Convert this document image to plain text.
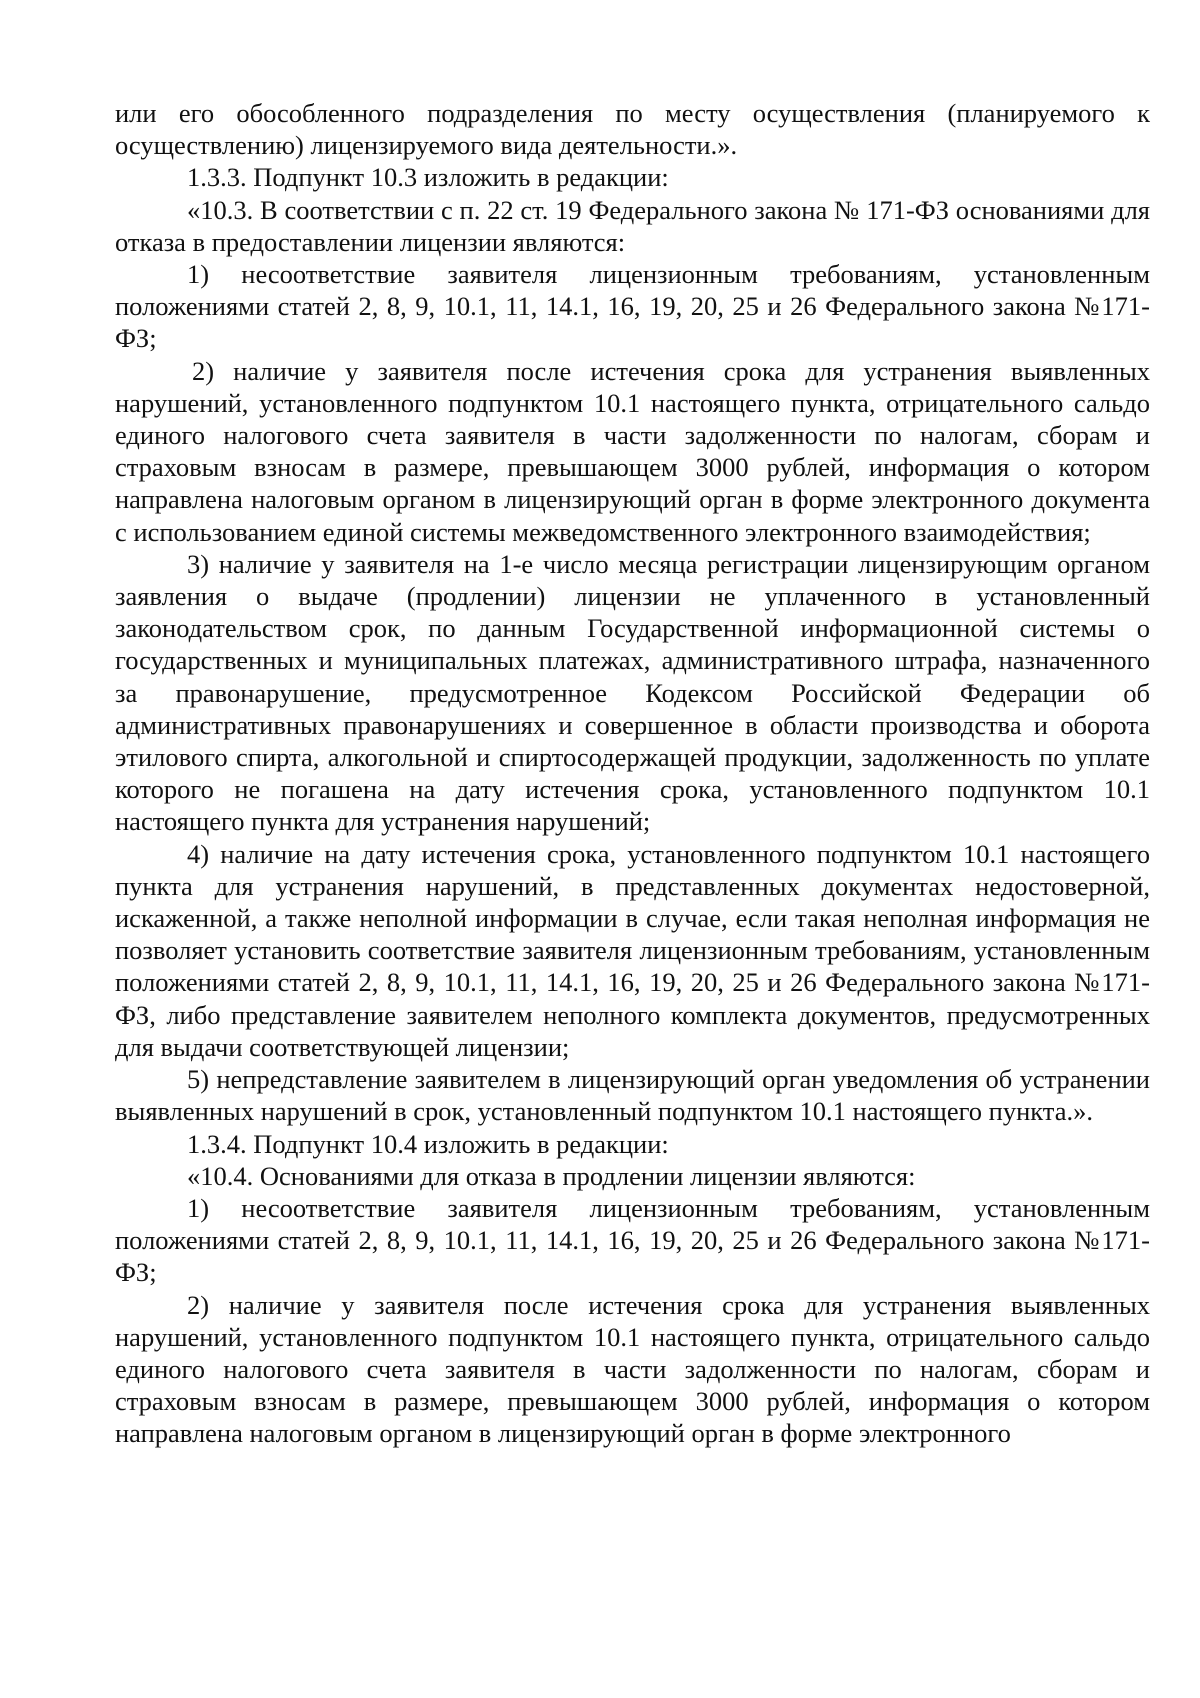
или его обособленного подразделения по месту осуществления (планируемого к осуществлению) лицензируемого вида деятельности.».

1.3.3. Подпункт 10.3 изложить в редакции:

«10.3. В соответствии с п. 22 ст. 19 Федерального закона № 171-ФЗ основаниями для отказа в предоставлении лицензии являются:

1) несоответствие заявителя лицензионным требованиям, установленным положениями статей 2, 8, 9, 10.1, 11, 14.1, 16, 19, 20, 25 и 26 Федерального закона №171-ФЗ;

2) наличие у заявителя после истечения срока для устранения выявленных нарушений, установленного подпунктом 10.1 настоящего пункта, отрицательного сальдо единого налогового счета заявителя в части задолженности по налогам, сборам и страховым взносам в размере, превышающем 3000 рублей, информация о котором направлена налоговым органом в лицензирующий орган в форме электронного документа с использованием единой системы межведомственного электронного взаимодействия;

3) наличие у заявителя на 1-е число месяца регистрации лицензирующим органом заявления о выдаче (продлении) лицензии не уплаченного в установленный законодательством срок, по данным Государственной информационной системы о государственных и муниципальных платежах, административного штрафа, назначенного за правонарушение, предусмотренное Кодексом Российской Федерации об административных правонарушениях и совершенное в области производства и оборота этилового спирта, алкогольной и спиртосодержащей продукции, задолженность по уплате которого не погашена на дату истечения срока, установленного подпунктом 10.1 настоящего пункта для устранения нарушений;

4) наличие на дату истечения срока, установленного подпунктом 10.1 настоящего пункта для устранения нарушений, в представленных документах недостоверной, искаженной, а также неполной информации в случае, если такая неполная информация не позволяет установить соответствие заявителя лицензионным требованиям, установленным положениями статей 2, 8, 9, 10.1, 11, 14.1, 16, 19, 20, 25 и 26 Федерального закона №171-ФЗ, либо представление заявителем неполного комплекта документов, предусмотренных для выдачи соответствующей лицензии;

5) непредставление заявителем в лицензирующий орган уведомления об устранении выявленных нарушений в срок, установленный подпунктом 10.1 настоящего пункта.».

1.3.4. Подпункт 10.4 изложить в редакции:

«10.4. Основаниями для отказа в продлении лицензии являются:

1) несоответствие заявителя лицензионным требованиям, установленным положениями статей 2, 8, 9, 10.1, 11, 14.1, 16, 19, 20, 25 и 26 Федерального закона №171-ФЗ;

2) наличие у заявителя после истечения срока для устранения выявленных нарушений, установленного подпунктом 10.1 настоящего пункта, отрицательного сальдо единого налогового счета заявителя в части задолженности по налогам, сборам и страховым взносам в размере, превышающем 3000 рублей, информация о котором направлена налоговым органом в лицензирующий орган в форме электронного
